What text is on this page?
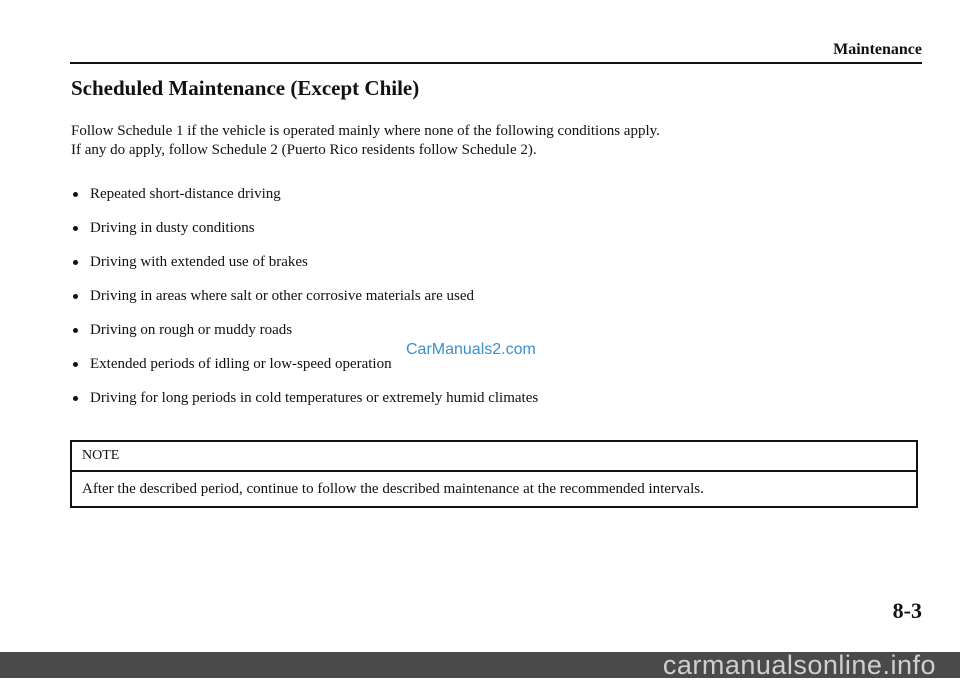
Maintenance
Scheduled Maintenance (Except Chile)

Follow Schedule 1 if the vehicle is operated mainly where none of the following conditions apply.

If any do apply, follow Schedule 2 (Puerto Rico residents follow Schedule 2).

Repeated short-distance driving
Driving in dusty conditions
Driving with extended use of brakes
Driving in areas where salt or other corrosive materials are used
Driving on rough or muddy roads
Extended periods of idling or low-speed operation
Driving for long periods in cold temperatures or extremely humid climates
CarManuals2.com
NOTE
After the described period, continue to follow the described maintenance at the recommended intervals.
8-3
carmanualsonline.info
